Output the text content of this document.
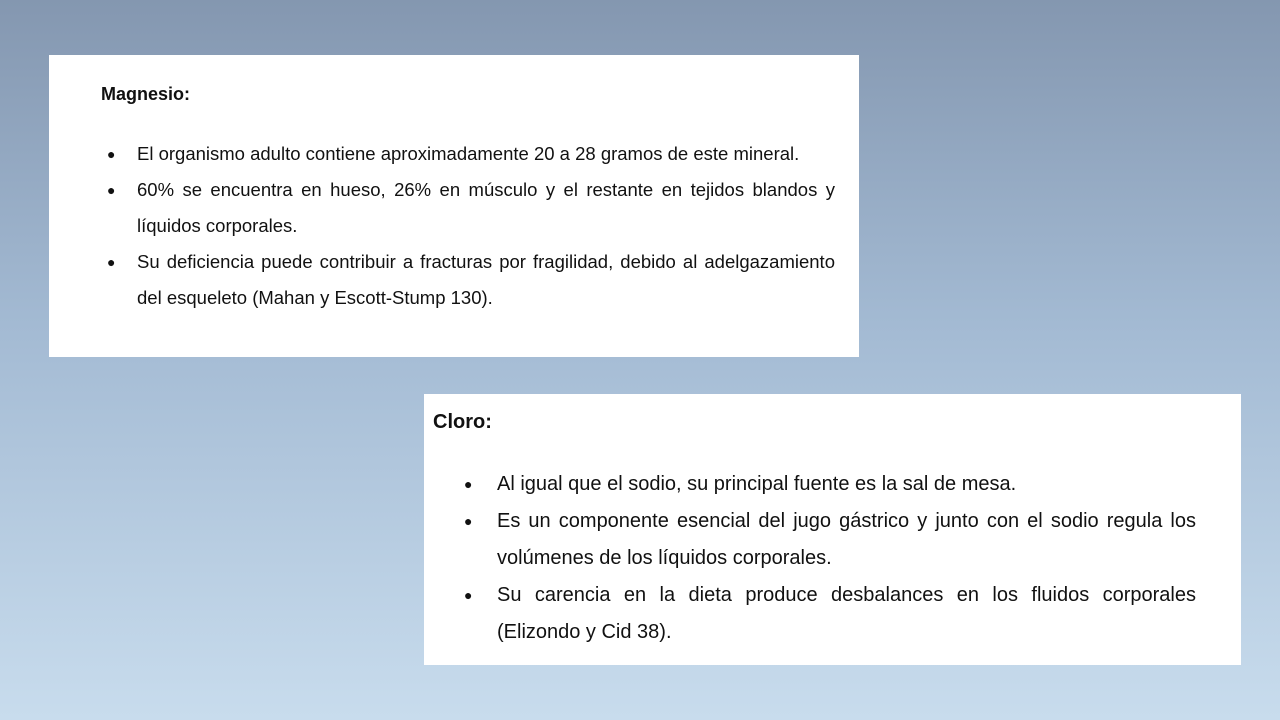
Magnesio:

● El organismo adulto contiene aproximadamente 20 a 28 gramos de este mineral.
● 60% se encuentra en hueso, 26% en músculo y el restante en tejidos blandos y líquidos corporales.
● Su deficiencia puede contribuir a fracturas por fragilidad, debido al adelgazamiento del esqueleto (Mahan y Escott-Stump 130).

Cloro:

● Al igual que el sodio, su principal fuente es la sal de mesa.
● Es un componente esencial del jugo gástrico y junto con el sodio regula los volúmenes de los líquidos corporales.
● Su carencia en la dieta produce desbalances en los fluidos corporales (Elizondo y Cid 38).
